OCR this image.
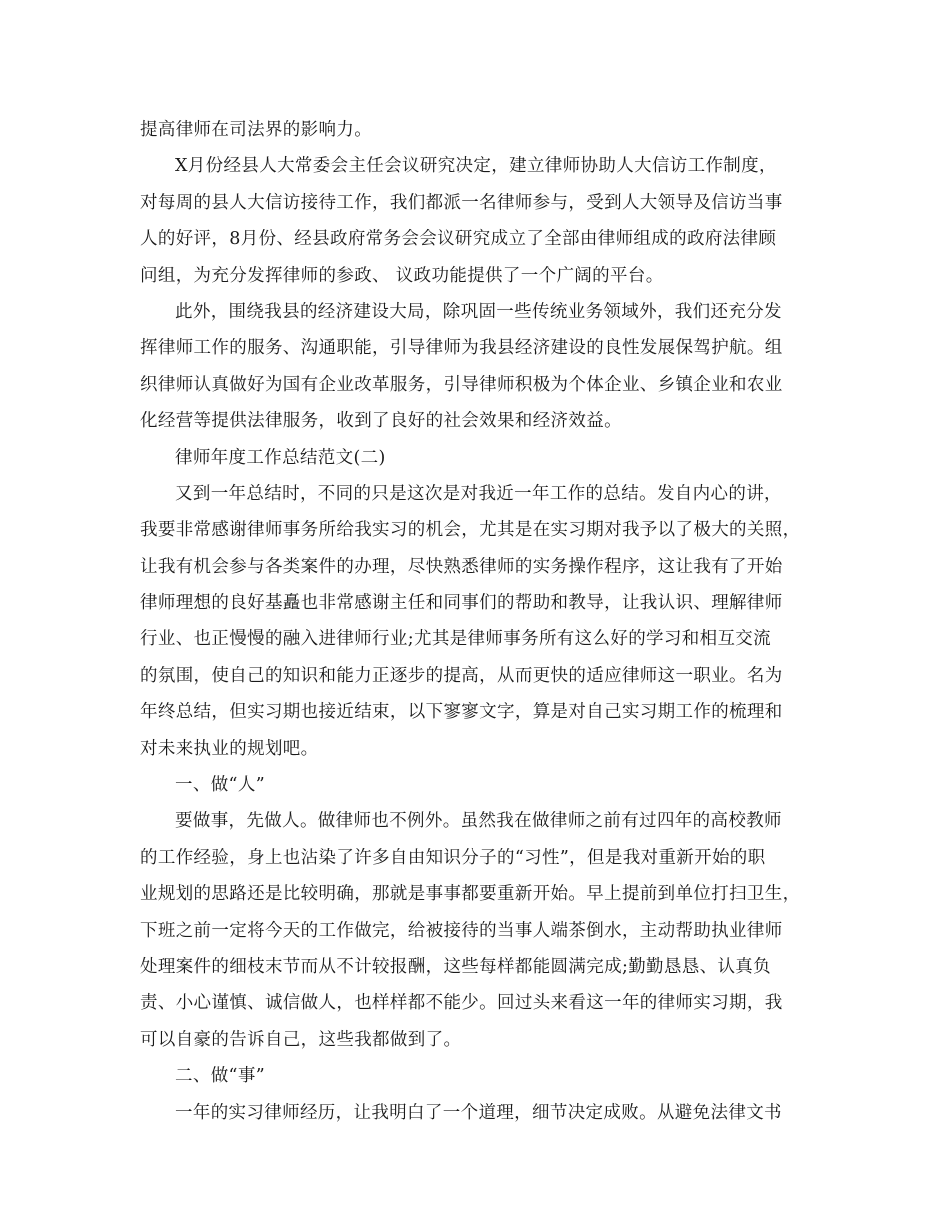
提高律师在司法界的影响力。
X月份经县人大常委会主任会议研究决定，建立律师协助人大信访工作制度，
对每周的县人大信访接待工作，我们都派一名律师参与，受到人大领导及信访当事
人的好评，8月份、经县政府常务会会议研究成立了全部由律师组成的政府法律顾
问组，为充分发挥律师的参政、 议政功能提供了一个广阔的平台。
此外，围绕我县的经济建设大局，除巩固一些传统业务领域外，我们还充分发
挥律师工作的服务、沟通职能，引导律师为我县经济建设的良性发展保驾护航。组
织律师认真做好为国有企业改革服务，引导律师积极为个体企业、乡镇企业和农业
化经营等提供法律服务，收到了良好的社会效果和经济效益。
律师年度工作总结范文(二)
又到一年总结时，不同的只是这次是对我近一年工作的总结。发自内心的讲，
我要非常感谢律师事务所给我实习的机会，尤其是在实习期对我予以了极大的关照，
让我有机会参与各类案件的办理，尽快熟悉律师的实务操作程序，这让我有了开始
律师理想的良好基矗也非常感谢主任和同事们的帮助和教导，让我认识、理解律师
行业、也正慢慢的融入进律师行业;尤其是律师事务所有这么好的学习和相互交流
的氛围，使自己的知识和能力正逐步的提高，从而更快的适应律师这一职业。名为
年终总结，但实习期也接近结束，以下寥寥文字，算是对自己实习期工作的梳理和
对未来执业的规划吧。
一、做“人”
要做事，先做人。做律师也不例外。虽然我在做律师之前有过四年的高校教师
的工作经验，身上也沾染了许多自由知识分子的“习性”，但是我对重新开始的职
业规划的思路还是比较明确，那就是事事都要重新开始。早上提前到单位打扫卫生，
下班之前一定将今天的工作做完，给被接待的当事人端茶倒水，主动帮助执业律师
处理案件的细枝末节而从不计较报酬，这些每样都能圆满完成;勤勤恳恳、认真负
责、小心谨慎、诚信做人，也样样都不能少。回过头来看这一年的律师实习期，我
可以自豪的告诉自己，这些我都做到了。
二、做“事”
一年的实习律师经历，让我明白了一个道理，细节决定成败。从避免法律文书
